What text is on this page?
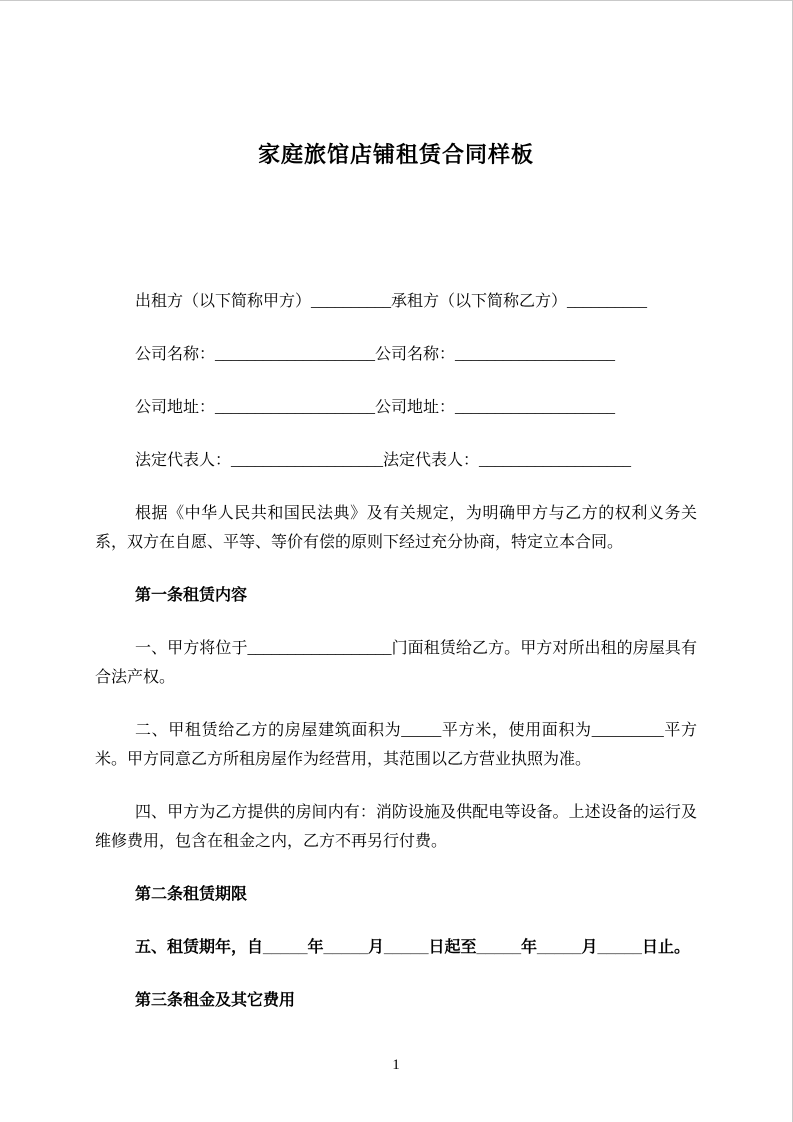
家庭旅馆店铺租赁合同样板

出租方（以下简称甲方）__________承租方（以下简称乙方）__________

公司名称：____________________公司名称：____________________

公司地址：____________________公司地址：____________________

法定代表人：___________________法定代表人：___________________

根据《中华人民共和国民法典》及有关规定，为明确甲方与乙方的权利义务关系，双方在自愿、平等、等价有偿的原则下经过充分协商，特定立本合同。

第一条租赁内容

一、甲方将位于__________________门面租赁给乙方。甲方对所出租的房屋具有合法产权。

二、甲租赁给乙方的房屋建筑面积为_____平方米，使用面积为_________平方米。甲方同意乙方所租房屋作为经营用，其范围以乙方营业执照为准。

四、甲方为乙方提供的房间内有：消防设施及供配电等设备。上述设备的运行及维修费用，包含在租金之内，乙方不再另行付费。

第二条租赁期限

五、租赁期年，自_____年_____月_____日起至_____年_____月_____日止。

第三条租金及其它费用

1
